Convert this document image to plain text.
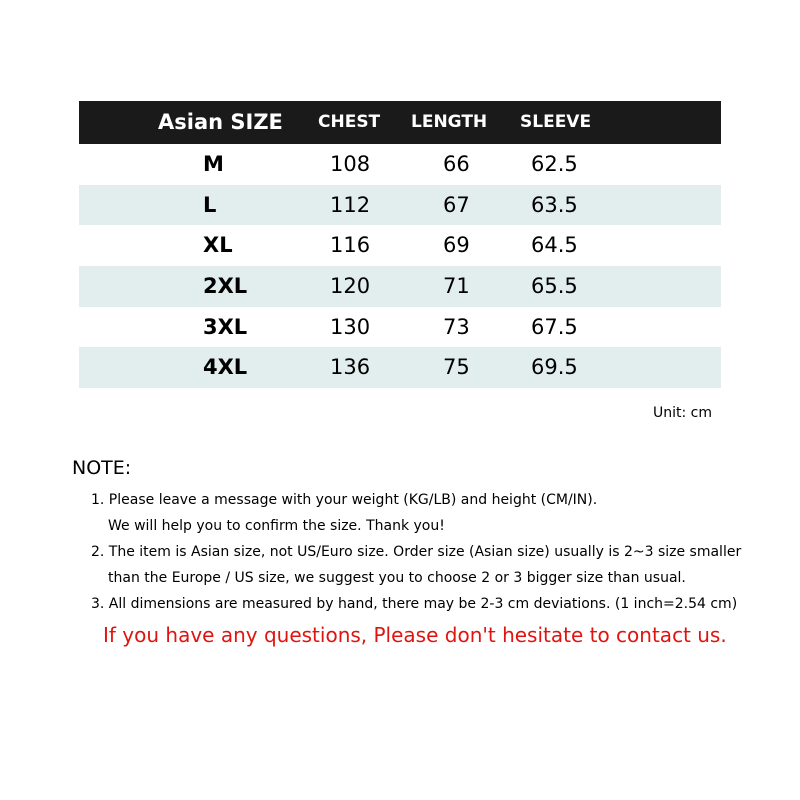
Asian SIZE CHEST LENGTH SLEEVE
M	108	66	62.5
L	112	67	63.5
XL	116	69	64.5
2XL	120	71	65.5
3XL	130	73	67.5
4XL	136	75	69.5
Unit: cm
NOTE:
1. Please leave a message with your weight (KG/LB) and height (CM/IN).
We will help you to confirm the size. Thank you!
2. The item is Asian size, not US/Euro size. Order size (Asian size) usually is 2~3 size smaller
than the Europe / US size, we suggest you to choose 2 or 3 bigger size than usual.
3. All dimensions are measured by hand, there may be 2-3 cm deviations. (1 inch=2.54 cm)
If you have any questions, Please don't hesitate to contact us.
